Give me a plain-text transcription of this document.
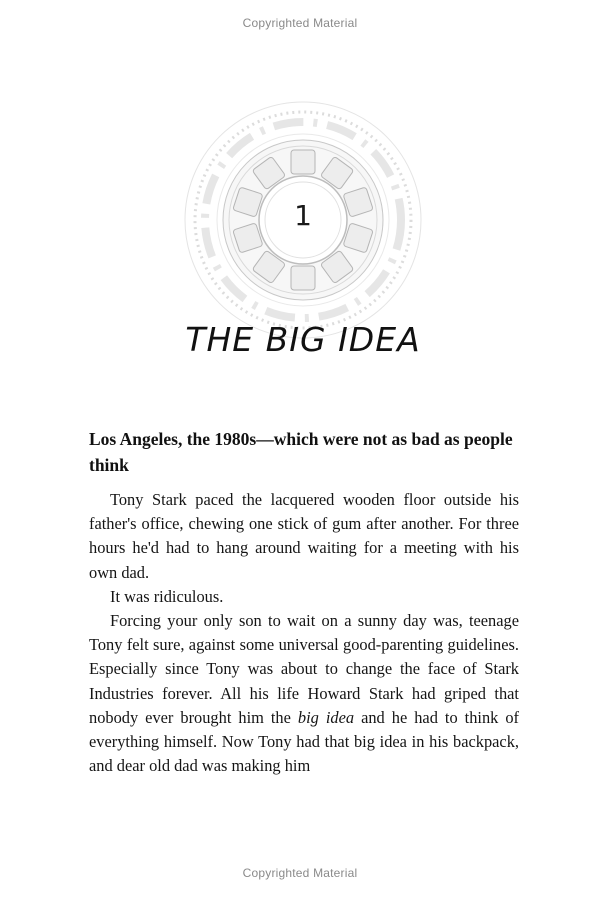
Copyrighted Material
1
THE BIG IDEA
Los Angeles, the 1980s—which were not as bad as people think

Tony Stark paced the lacquered wooden floor outside his father's office, chewing one stick of gum after another. For three hours he'd had to hang around waiting for a meeting with his own dad.

It was ridiculous.

Forcing your only son to wait on a sunny day was, teenage Tony felt sure, against some universal good-parenting guidelines. Especially since Tony was about to change the face of Stark Industries forever. All his life Howard Stark had griped that nobody ever brought him the big idea and he had to think of everything himself. Now Tony had that big idea in his backpack, and dear old dad was making him

Copyrighted Material
